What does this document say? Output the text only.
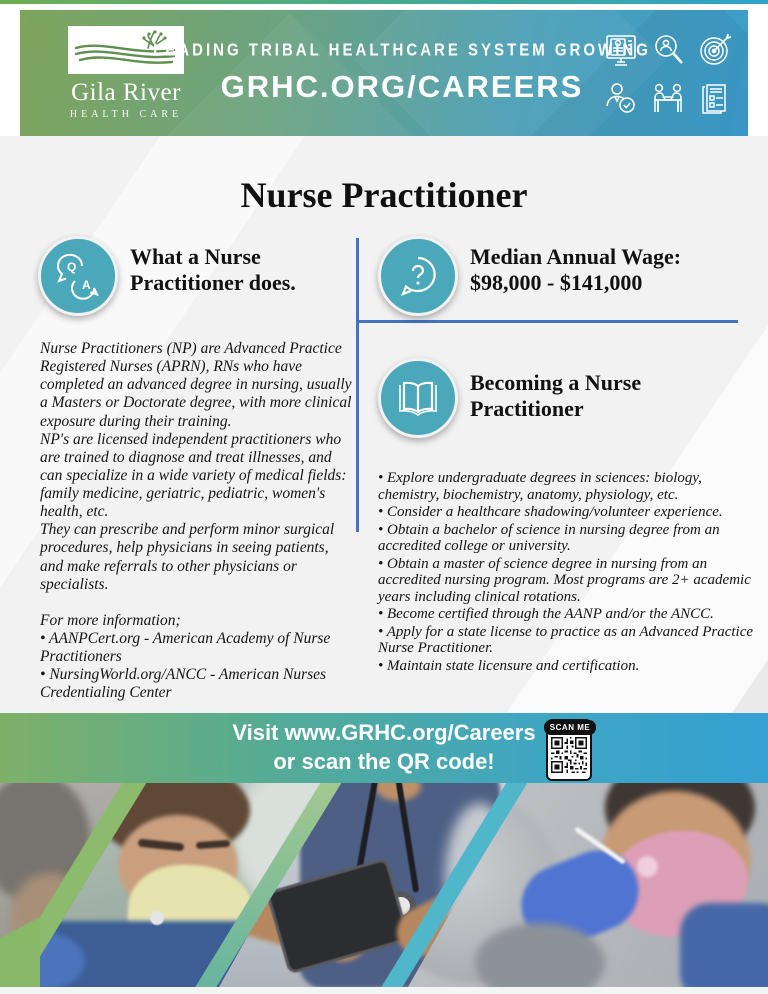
Gila River
HEALTH CARE
LEADING TRIBAL HEALTHCARE SYSTEM GROWING
GRHC.ORG/CAREERS
Nurse Practitioner
Q
A
What a Nurse Practitioner does.

Nurse Practitioners (NP) are Advanced Practice Registered Nurses (APRN), RNs who have completed an advanced degree in nursing, usually a Masters or Doctorate degree, with more clinical exposure during their training.

NP's are licensed independent practitioners who are trained to diagnose and treat illnesses, and can specialize in a wide variety of medical fields: family medicine, geriatric, pediatric, women's health, etc.

They can prescribe and perform minor surgical procedures, help physicians in seeing patients, and make referrals to other physicians or specialists.

For more information;

• AANPCert.org - American Academy of Nurse Practitioners

• NursingWorld.org/ANCC - American Nurses Credentialing Center

Median Annual Wage:
$98,000 - $141,000
Becoming a Nurse Practitioner

• Explore undergraduate degrees in sciences: biology, chemistry, biochemistry, anatomy, physiology, etc.

• Consider a healthcare shadowing/volunteer experience.

• Obtain a bachelor of science in nursing degree from an accredited college or university.

• Obtain a master of science degree in nursing from an accredited nursing program. Most programs are 2+ academic years including clinical rotations.

• Become certified through the AANP and/or the ANCC.

• Apply for a state license to practice as an Advanced Practice Nurse Practitioner.

• Maintain state licensure and certification.

Visit www.GRHC.org/Careers
or scan the QR code!
SCAN ME
